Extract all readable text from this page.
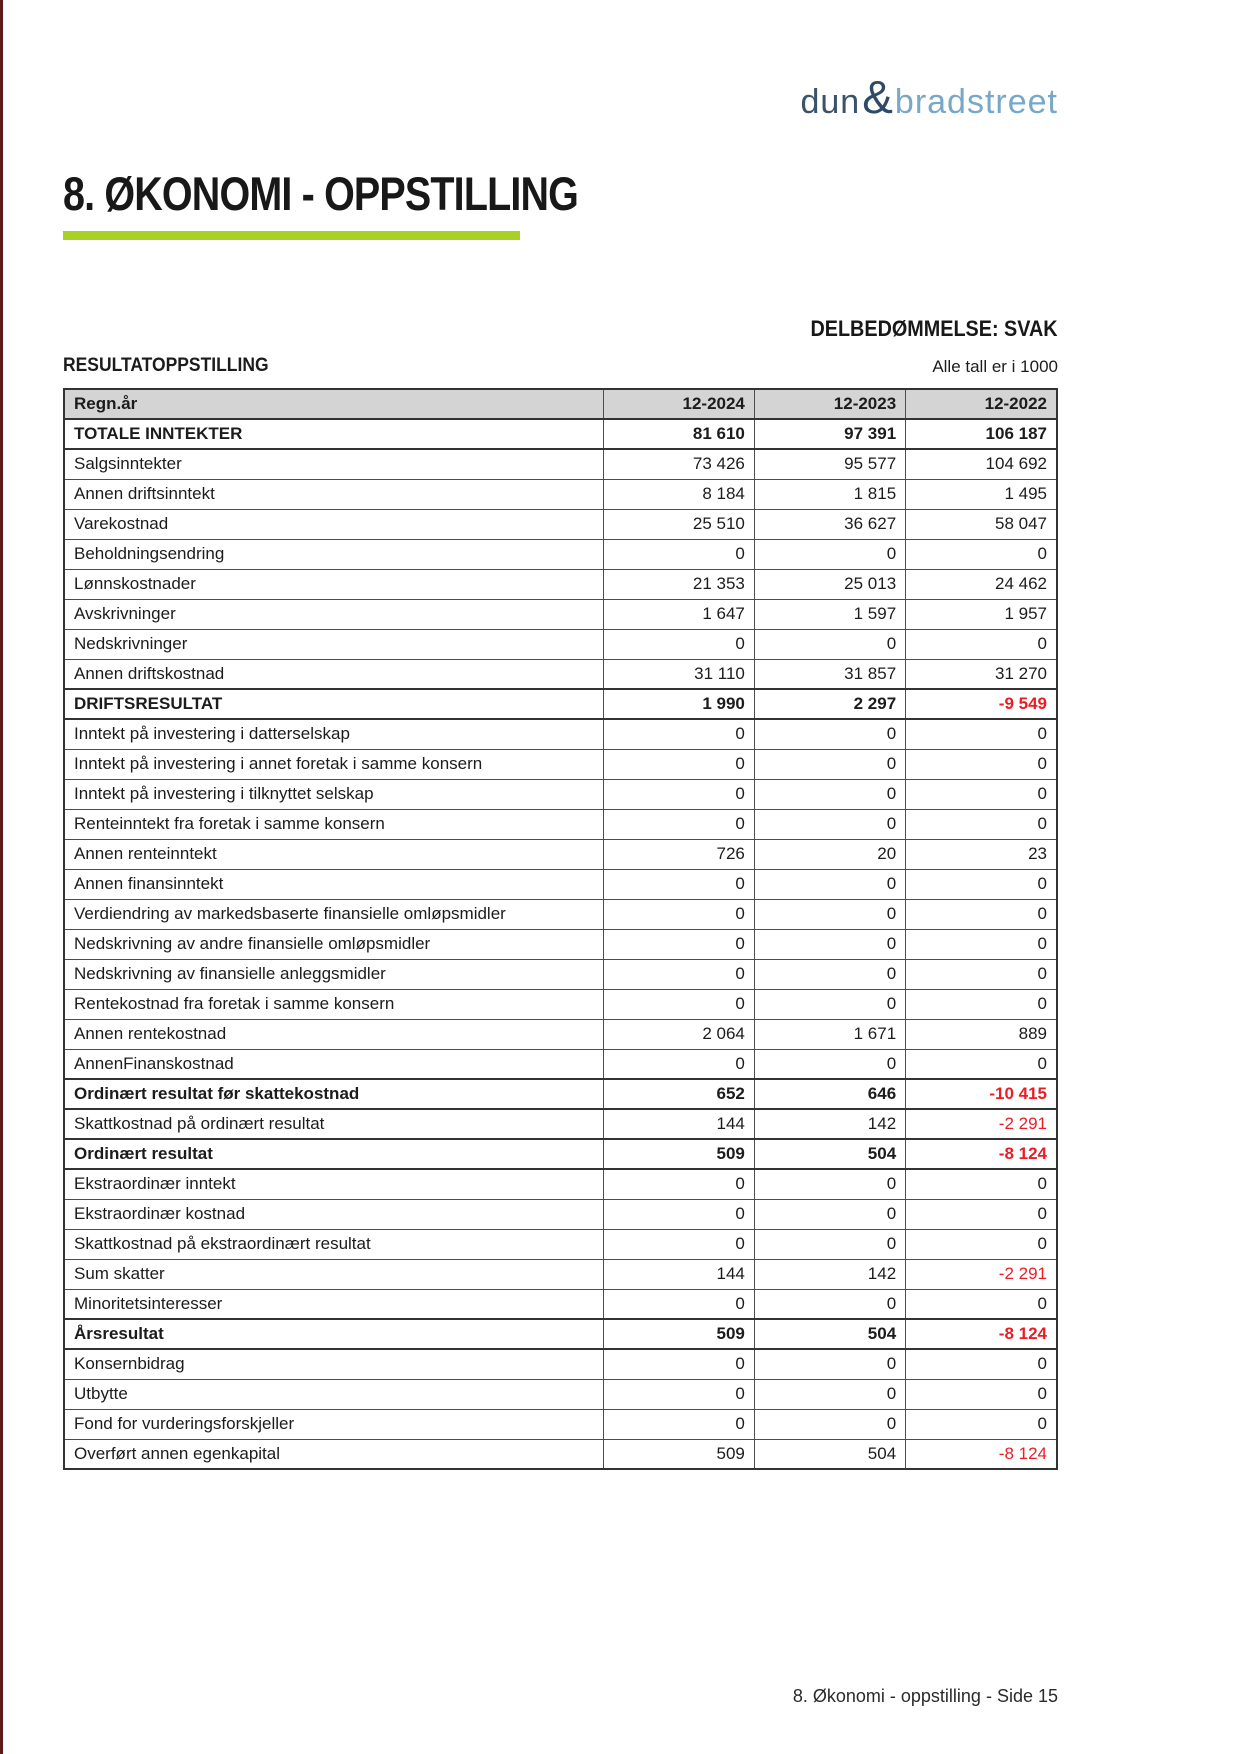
dun & bradstreet
8. ØKONOMI - OPPSTILLING
DELBEDØMMELSE: SVAK
RESULTATOPPSTILLING	Alle tall er i 1000
Regn.år	12-2024	12-2023	12-2022
TOTALE INNTEKTER	81 610	97 391	106 187
Salgsinntekter	73 426	95 577	104 692
Annen driftsinntekt	8 184	1 815	1 495
Varekostnad	25 510	36 627	58 047
Beholdningsendring	0	0	0
Lønnskostnader	21 353	25 013	24 462
Avskrivninger	1 647	1 597	1 957
Nedskrivninger	0	0	0
Annen driftskostnad	31 110	31 857	31 270
DRIFTSRESULTAT	1 990	2 297	-9 549
Inntekt på investering i datterselskap	0	0	0
Inntekt på investering i annet foretak i samme konsern	0	0	0
Inntekt på investering i tilknyttet selskap	0	0	0
Renteinntekt fra foretak i samme konsern	0	0	0
Annen renteinntekt	726	20	23
Annen finansinntekt	0	0	0
Verdiendring av markedsbaserte finansielle omløpsmidler	0	0	0
Nedskrivning av andre finansielle omløpsmidler	0	0	0
Nedskrivning av finansielle anleggsmidler	0	0	0
Rentekostnad fra foretak i samme konsern	0	0	0
Annen rentekostnad	2 064	1 671	889
AnnenFinanskostnad	0	0	0
Ordinært resultat før skattekostnad	652	646	-10 415
Skattkostnad på ordinært resultat	144	142	-2 291
Ordinært resultat	509	504	-8 124
Ekstraordinær inntekt	0	0	0
Ekstraordinær kostnad	0	0	0
Skattkostnad på ekstraordinært resultat	0	0	0
Sum skatter	144	142	-2 291
Minoritetsinteresser	0	0	0
Årsresultat	509	504	-8 124
Konsernbidrag	0	0	0
Utbytte	0	0	0
Fond for vurderingsforskjeller	0	0	0
Overført annen egenkapital	509	504	-8 124
8. Økonomi - oppstilling - Side 15
